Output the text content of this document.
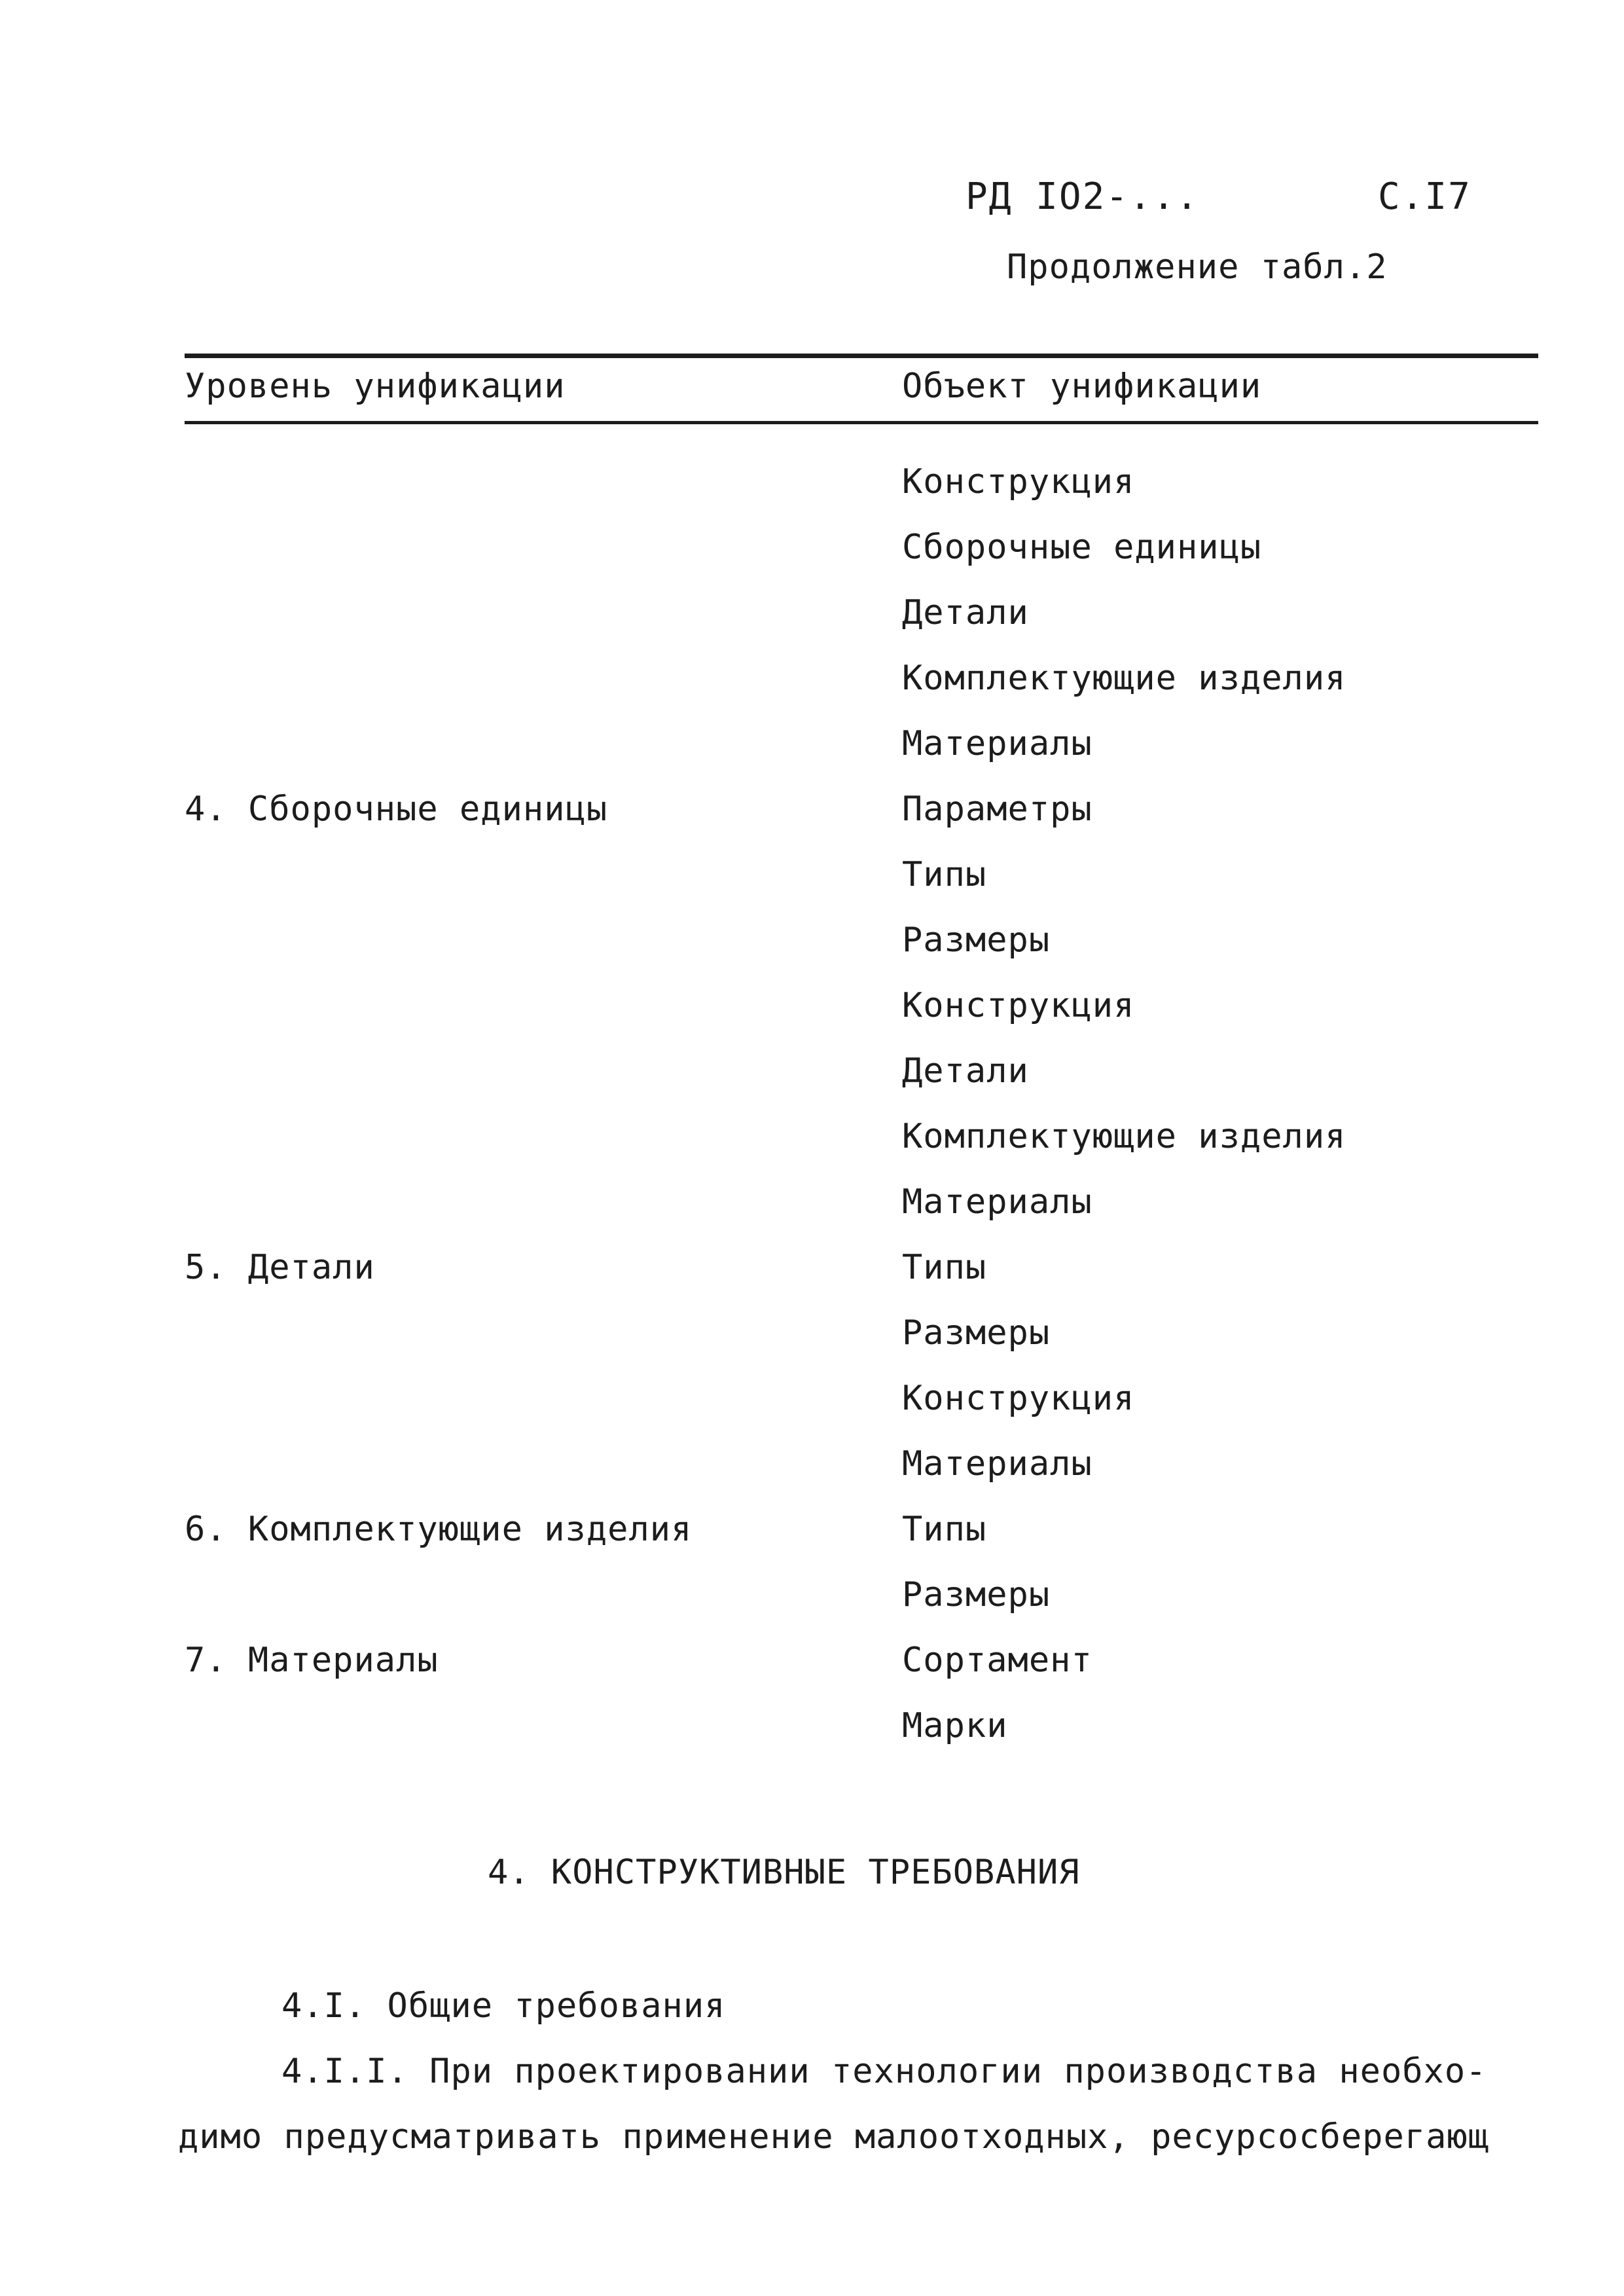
РД IО2-...	С.I7
Продолжение табл.2
Уровень унификации	Объект унификации
Конструкция
Сборочные единицы
Детали
Комплектующие изделия
Материалы
Параметры
Типы
Размеры
Конструкция
Детали
Комплектующие изделия
Материалы
Типы
Размеры
Конструкция
Материалы
Типы
Размеры
Сортамент
Марки
4. Сборочные единицы
5. Детали
6. Комплектующие изделия
7. Материалы
4. КОНСТРУКТИВНЫЕ ТРЕБОВАНИЯ
4.I. Общие требования
4.I.I. При проектировании технологии производства необхо-
димо предусматривать применение малоотходных, ресурсосберегающ
